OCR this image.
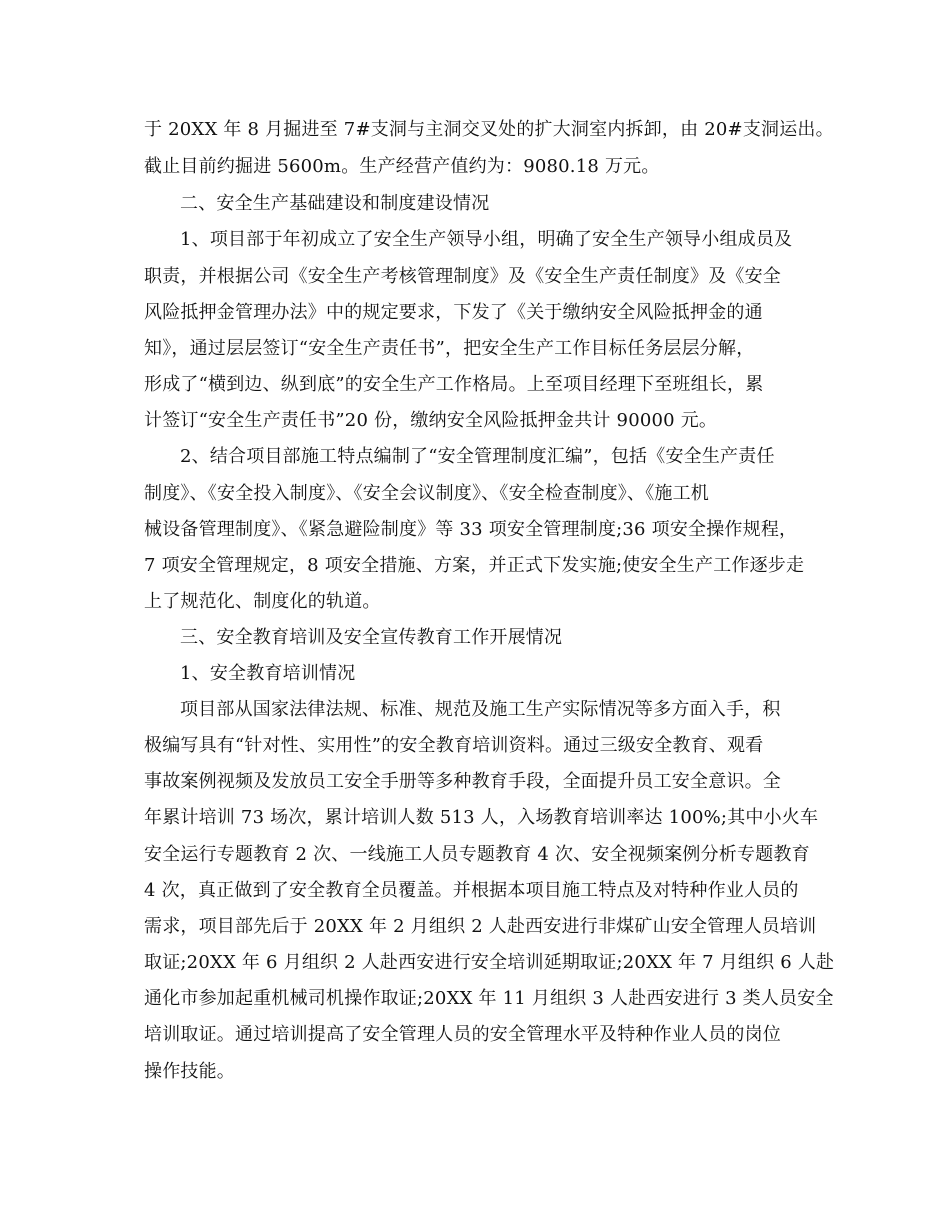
于 20XX 年 8 月掘进至 7#支洞与主洞交叉处的扩大洞室内拆卸，由 20#支洞运出。
截止目前约掘进 5600m。生产经营产值约为：9080.18 万元。
二、安全生产基础建设和制度建设情况
1、项目部于年初成立了安全生产领导小组，明确了安全生产领导小组成员及
职责，并根据公司《安全生产考核管理制度》及《安全生产责任制度》及《安全
风险抵押金管理办法》中的规定要求，下发了《关于缴纳安全风险抵押金的通
知》，通过层层签订“安全生产责任书”，把安全生产工作目标任务层层分解，
形成了“横到边、纵到底”的安全生产工作格局。上至项目经理下至班组长，累
计签订“安全生产责任书”20 份，缴纳安全风险抵押金共计 90000 元。
2、结合项目部施工特点编制了“安全管理制度汇编”，包括《安全生产责任
制度》、《安全投入制度》、《安全会议制度》、《安全检查制度》、《施工机
械设备管理制度》、《紧急避险制度》等 33 项安全管理制度;36 项安全操作规程，
7 项安全管理规定，8 项安全措施、方案，并正式下发实施;使安全生产工作逐步走
上了规范化、制度化的轨道。
三、安全教育培训及安全宣传教育工作开展情况
1、安全教育培训情况
项目部从国家法律法规、标准、规范及施工生产实际情况等多方面入手，积
极编写具有“针对性、实用性”的安全教育培训资料。通过三级安全教育、观看
事故案例视频及发放员工安全手册等多种教育手段，全面提升员工安全意识。全
年累计培训 73 场次，累计培训人数 513 人，入场教育培训率达 100%;其中小火车
安全运行专题教育 2 次、一线施工人员专题教育 4 次、安全视频案例分析专题教育
4 次，真正做到了安全教育全员覆盖。并根据本项目施工特点及对特种作业人员的
需求，项目部先后于 20XX 年 2 月组织 2 人赴西安进行非煤矿山安全管理人员培训
取证;20XX 年 6 月组织 2 人赴西安进行安全培训延期取证;20XX 年 7 月组织 6 人赴
通化市参加起重机械司机操作取证;20XX 年 11 月组织 3 人赴西安进行 3 类人员安全
培训取证。通过培训提高了安全管理人员的安全管理水平及特种作业人员的岗位
操作技能。
